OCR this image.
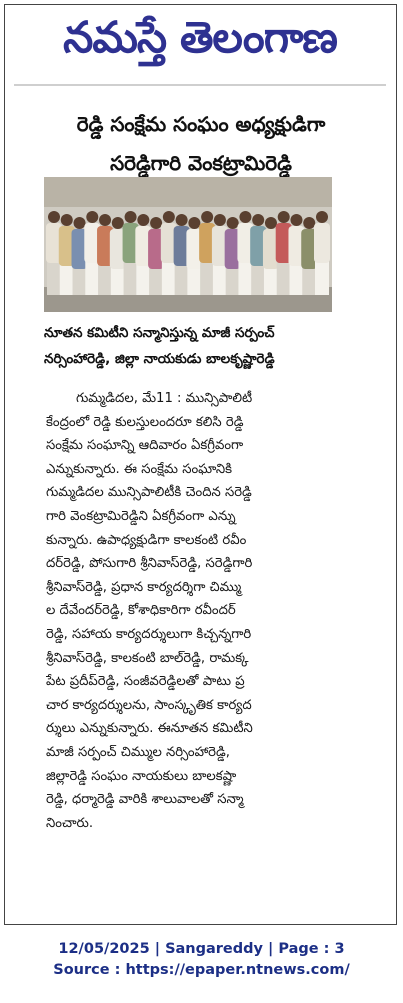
నమస్తే తెలంగాణ
రెడ్డి సంక్షేమ సంఘం అధ్యక్షుడిగా
సరెడ్డిగారి వెంకట్రామిరెడ్డి
నూతన కమిటీని సన్మానిస్తున్న మాజీ సర్పంచ్
నర్సింహారెడ్డి, జిల్లా నాయకుడు బాలకృష్ణారెడ్డి
గుమ్మడిదల, మే11 : మున్సిపాలిటీ
కేంద్రంలో రెడ్డి కులస్తులందరూ కలిసి రెడ్డి
సంక్షేమ సంఘాన్ని ఆదివారం ఏకగ్రీవంగా
ఎన్నుకున్నారు. ఈ సంక్షేమ సంఘానికి
గుమ్మడిదల మున్సిపాలిటీకి చెందిన సరెడ్డి
గారి వెంకట్రామిరెడ్డిని ఏకగ్రీవంగా ఎన్ను
కున్నారు. ఉపాధ్యక్షుడిగా కాలకంటి రవీం
దర్‌రెడ్డి, పోసుగారి శ్రీనివాస్‌రెడ్డి, సరెడ్డిగారి
శ్రీనివాస్‌రెడ్డి, ప్రధాన కార్యదర్శిగా చిమ్ము
ల దేవేందర్‌రెడ్డి, కోశాధికారిగా రవీందర్
రెడ్డి, సహాయ కార్యదర్శులుగా కిచ్చన్నగారి
శ్రీనివాస్‌రెడ్డి, కాలకంటి బాల్‌రెడ్డి, రామక్క
పేట ప్రదీప్‌రెడ్డి, సంజీవరెడ్డిలతో పాటు ప్ర
చార కార్యదర్శులను, సాంస్కృతిక కార్యద
ర్శులు ఎన్నుకున్నారు. ఈనూతన కమిటీని
మాజీ సర్పంచ్ చిమ్ముల నర్సింహారెడ్డి,
జిల్లారెడ్డి సంఘం నాయకులు బాలకష్ణా
రెడ్డి, ధర్మారెడ్డి వారికి శాలువాలతో సన్మా
నించారు.
12/05/2025 | Sangareddy | Page : 3
Source : https://epaper.ntnews.com/
